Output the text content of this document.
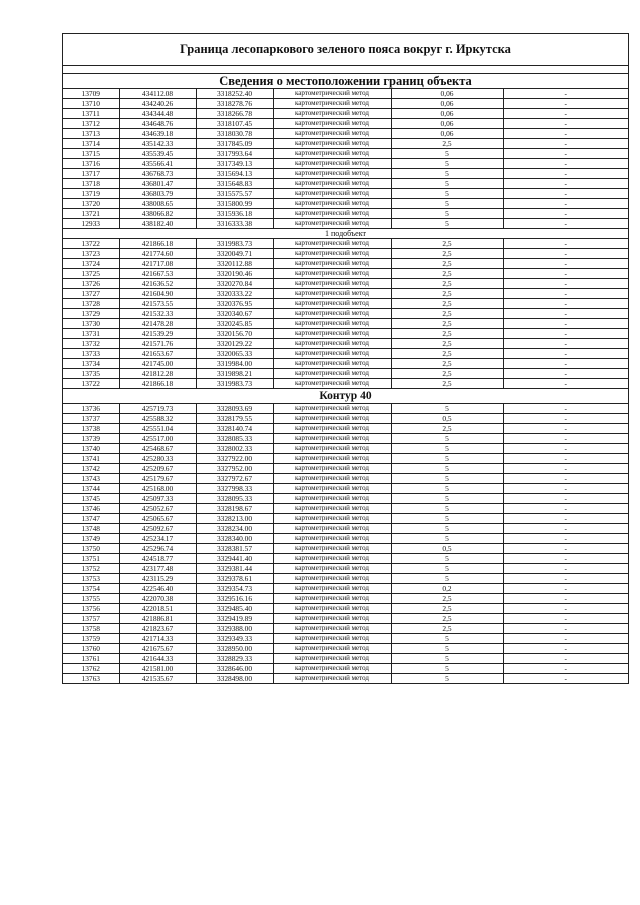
Граница лесопаркового зеленого пояса вокруг г. Иркутска
Сведения о местоположении границ объекта
13709	434112.08	3318252.40	картометрический метод	0,06	-
13710	434240.26	3318278.76	картометрический метод	0,06	-
13711	434344.48	3318266.78	картометрический метод	0,06	-
13712	434648.76	3318107.45	картометрический метод	0,06	-
13713	434639.18	3318030.78	картометрический метод	0,06	-
13714	435142.33	3317845.09	картометрический метод	2,5	-
13715	435539.45	3317993.64	картометрический метод	5	-
13716	435566.41	3317349.13	картометрический метод	5	-
13717	436768.73	3315694.13	картометрический метод	5	-
13718	436801.47	3315648.83	картометрический метод	5	-
13719	436803.79	3315575.57	картометрический метод	5	-
13720	438008.65	3315800.99	картометрический метод	5	-
13721	438066.82	3315936.18	картометрический метод	5	-
12933	438182.40	3316333.38	картометрический метод	5	-
1 подобъект					
13722	421866.18	3319983.73	картометрический метод	2,5	-
13723	421774.60	3320049.71	картометрический метод	2,5	-
13724	421717.08	3320112.88	картометрический метод	2,5	-
13725	421667.53	3320190.46	картометрический метод	2,5	-
13726	421636.52	3320270.84	картометрический метод	2,5	-
13727	421604.90	3320333.22	картометрический метод	2,5	-
13728	421573.55	3320376.95	картометрический метод	2,5	-
13729	421532.33	3320340.67	картометрический метод	2,5	-
13730	421478.28	3320245.85	картометрический метод	2,5	-
13731	421539.29	3320156.70	картометрический метод	2,5	-
13732	421571.76	3320129.22	картометрический метод	2,5	-
13733	421653.67	3320065.33	картометрический метод	2,5	-
13734	421745.00	3319984.00	картометрический метод	2,5	-
13735	421812.28	3319898.21	картометрический метод	2,5	-
13722	421866.18	3319983.73	картометрический метод	2,5	-
Контур 40					
13736	425719.73	3328093.69	картометрический метод	5	-
13737	425588.32	3328179.55	картометрический метод	0,5	-
13738	425551.04	3328140.74	картометрический метод	2,5	-
13739	425517.00	3328085.33	картометрический метод	5	-
13740	425468.67	3328002.33	картометрический метод	5	-
13741	425280.33	3327922.00	картометрический метод	5	-
13742	425209.67	3327952.00	картометрический метод	5	-
13743	425179.67	3327972.67	картометрический метод	5	-
13744	425168.00	3327998.33	картометрический метод	5	-
13745	425097.33	3328095.33	картометрический метод	5	-
13746	425052.67	3328198.67	картометрический метод	5	-
13747	425065.67	3328213.00	картометрический метод	5	-
13748	425092.67	3328234.00	картометрический метод	5	-
13749	425234.17	3328340.00	картометрический метод	5	-
13750	425296.74	3328381.57	картометрический метод	0,5	-
13751	424518.77	3329441.40	картометрический метод	5	-
13752	423177.48	3329381.44	картометрический метод	5	-
13753	423115.29	3329378.61	картометрический метод	5	-
13754	422546.40	3329354.73	картометрический метод	0,2	-
13755	422070.38	3329516.16	картометрический метод	2,5	-
13756	422018.51	3329485.40	картометрический метод	2,5	-
13757	421886.81	3329419.89	картометрический метод	2,5	-
13758	421823.67	3329388.00	картометрический метод	2,5	-
13759	421714.33	3329349.33	картометрический метод	5	-
13760	421675.67	3328950.00	картометрический метод	5	-
13761	421644.33	3328829.33	картометрический метод	5	-
13762	421581.00	3328646.00	картометрический метод	5	-
13763	421535.67	3328498.00	картометрический метод	5	-
